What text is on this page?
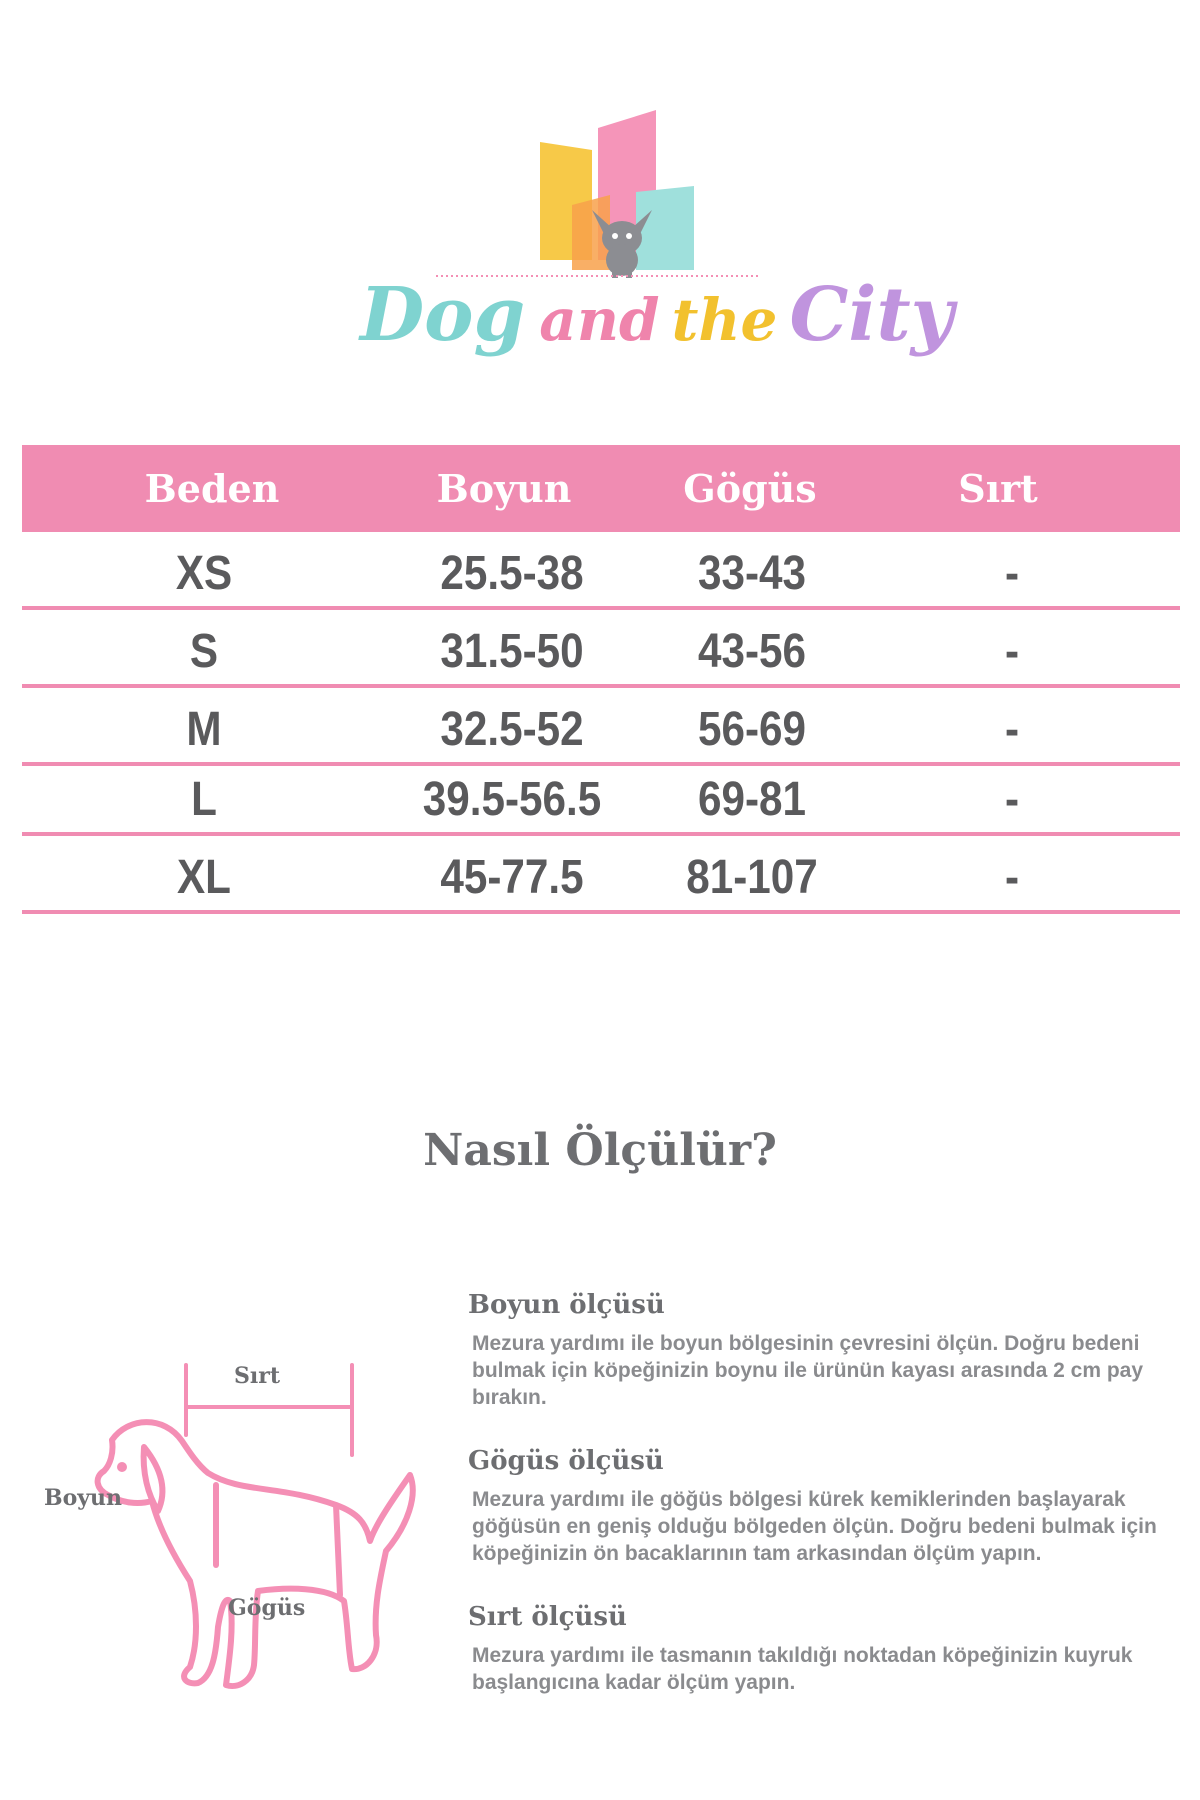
Dog and the City
Beden	Boyun	Gögüs	Sırt
XS	25.5-38	33-43	-
S	31.5-50	43-56	-
M	32.5-52	56-69	-
L	39.5-56.5	69-81	-
XL	45-77.5	81-107	-
Nasıl Ölçülür?
Sırt
Boyun
Gögüs
Boyun ölçüsü
Mezura yardımı ile boyun bölgesinin çevresini ölçün. Doğru bedeni bulmak için köpeğinizin boynu ile ürünün kayası arasında 2 cm pay bırakın.
Gögüs ölçüsü
Mezura yardımı ile göğüs bölgesi kürek kemiklerinden başlayarak göğüsün en geniş olduğu bölgeden ölçün. Doğru bedeni bulmak için köpeğinizin ön bacaklarının tam arkasından ölçüm yapın.
Sırt ölçüsü
Mezura yardımı ile tasmanın takıldığı noktadan köpeğinizin kuyruk başlangıcına kadar ölçüm yapın.
